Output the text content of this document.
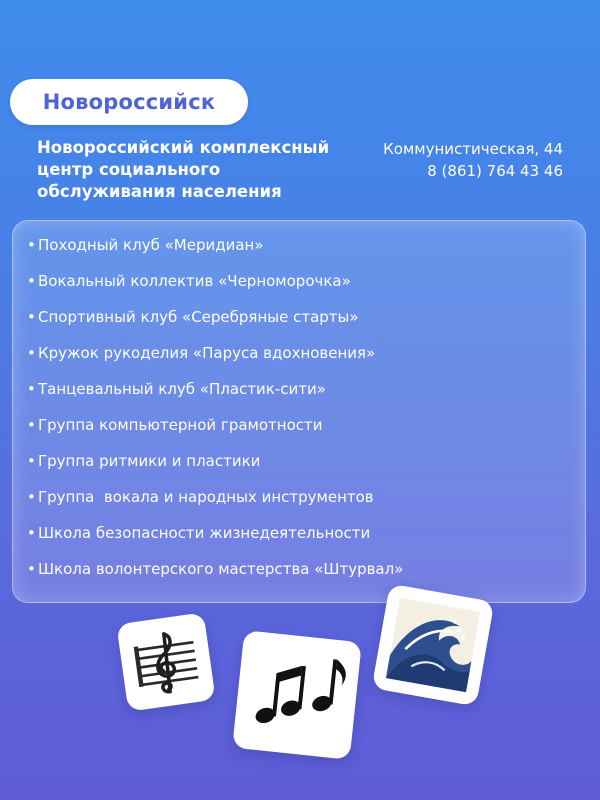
Новороссийск
Новороссийский комплексный
центр социального
обслуживания населения
Коммунистическая, 44
8 (861) 764 43 46
• Походный клуб «Меридиан»
• Вокальный коллектив «Черноморочка»
• Спортивный клуб «Серебряные старты»
• Кружок рукоделия «Паруса вдохновения»
• Танцевальный клуб «Пластик-сити»
• Группа компьютерной грамотности
• Группа ритмики и пластики
• Группа  вокала и народных инструментов
• Школа безопасности жизнедеятельности
• Школа волонтерского мастерства «Штурвал»
